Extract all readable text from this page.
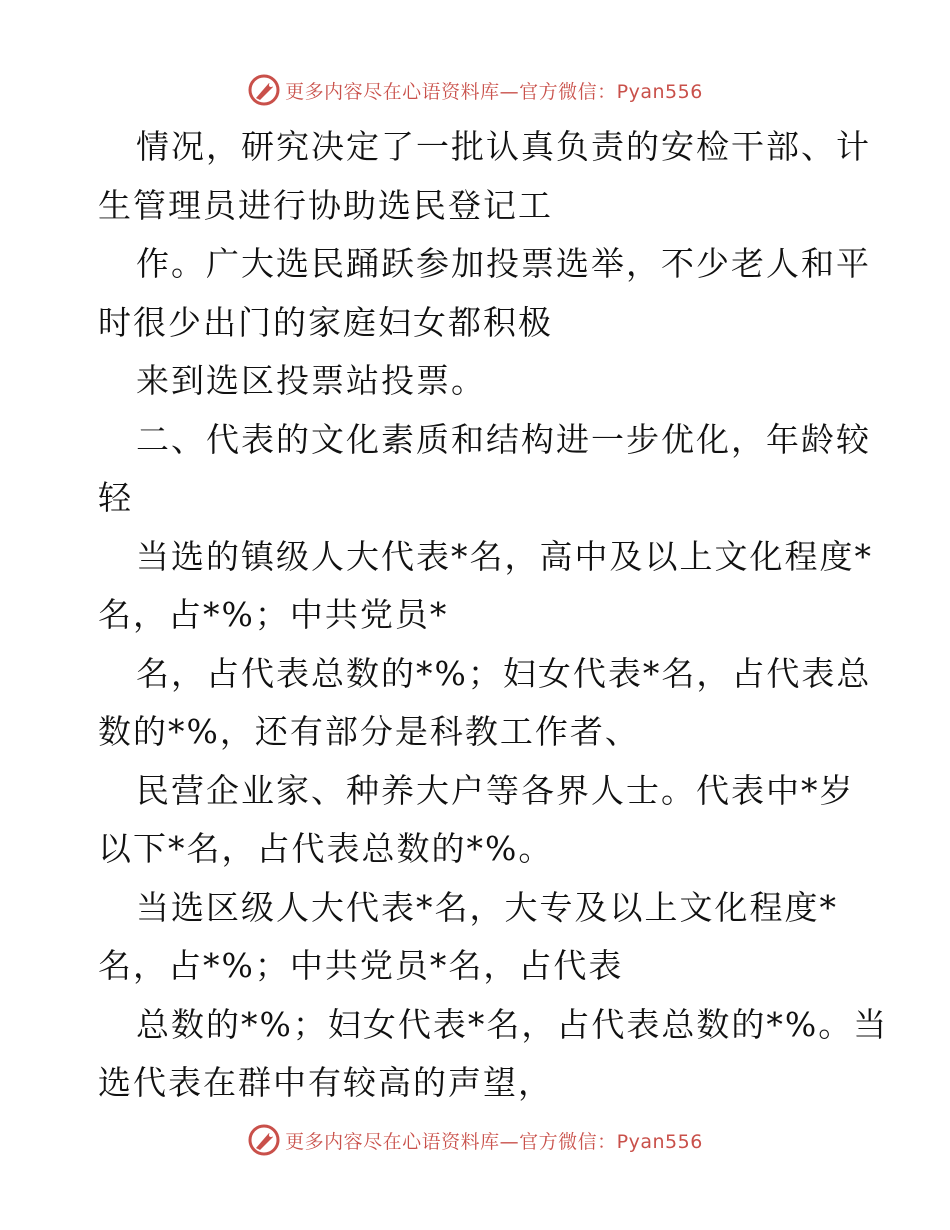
更多内容尽在心语资料库—官方微信：Pyan556
情况，研究决定了一批认真负责的安检干部、计
生管理员进行协助选民登记工
作。广大选民踊跃参加投票选举，不少老人和平
时很少出门的家庭妇女都积极
来到选区投票站投票。
二、代表的文化素质和结构进一步优化，年龄较
轻
当选的镇级人大代表*名，高中及以上文化程度*
名，占*%；中共党员*
名，占代表总数的*%；妇女代表*名，占代表总
数的*%，还有部分是科教工作者、
民营企业家、种养大户等各界人士。代表中*岁
以下*名，占代表总数的*%。
当选区级人大代表*名，大专及以上文化程度*
名，占*%；中共党员*名，占代表
总数的*%；妇女代表*名，占代表总数的*%。当
选代表在群中有较高的声望，
更多内容尽在心语资料库—官方微信：Pyan556
